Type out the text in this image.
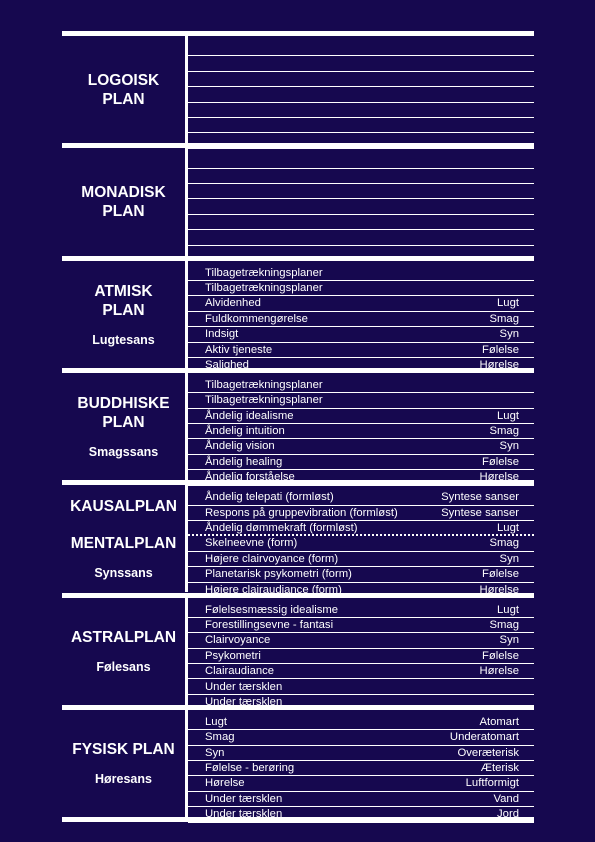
LOGOISK
PLAN
MONADISK
PLAN
ATMISK
PLAN
Lugtesans
Tilbagetrækningsplaner
Tilbagetrækningsplaner
Alvidenhed	Lugt
Fuldkommengørelse	Smag
Indsigt	Syn
Aktiv tjeneste	Følelse
Salighed	Hørelse
BUDDHISKE
PLAN
Smagssans
Tilbagetrækningsplaner
Tilbagetrækningsplaner
Åndelig idealisme	Lugt
Åndelig intuition	Smag
Åndelig vision	Syn
Åndelig healing	Følelse
Åndelig forståelse	Hørelse
KAUSALPLAN
MENTALPLAN
Synssans
Åndelig telepati (formløst)	Syntese sanser
Respons på gruppevibration (formløst)	Syntese sanser
Åndelig dømmekraft (formløst)	Lugt
Skelneevne (form)	Smag
Højere clairvoyance (form)	Syn
Planetarisk psykometri (form)	Følelse
Højere clairaudiance (form)	Hørelse
ASTRALPLAN
Følesans
Følelsesmæssig idealisme	Lugt
Forestillingsevne - fantasi	Smag
Clairvoyance	Syn
Psykometri	Følelse
Clairaudiance	Hørelse
Under tærsklen
Under tærsklen
FYSISK PLAN
Høresans
Lugt	Atomart
Smag	Underatomart
Syn	Overæterisk
Følelse - berøring	Æterisk
Hørelse	Luftformigt
Under tærsklen	Vand
Under tærsklen	Jord
